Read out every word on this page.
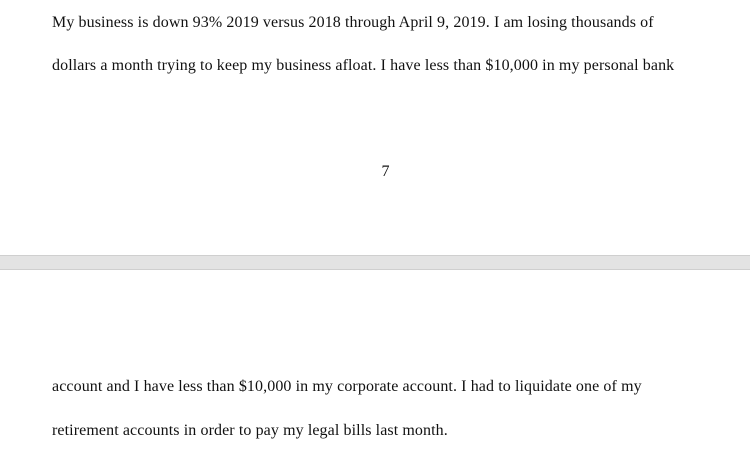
My business is down 93% 2019 versus 2018 through April 9, 2019. I am losing thousands of
dollars a month trying to keep my business afloat. I have less than $10,000 in my personal bank
7
account and I have less than $10,000 in my corporate account. I had to liquidate one of my
retirement accounts in order to pay my legal bills last month.
